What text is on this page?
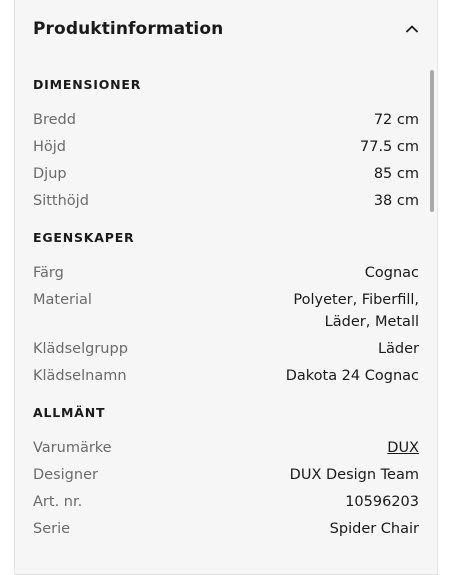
Produktinformation
DIMENSIONER
Bredd	72 cm
Höjd	77.5 cm
Djup	85 cm
Sitthöjd	38 cm
EGENSKAPER
Färg	Cognac
Material	Polyeter, Fiberfill, Läder, Metall
Klädselgrupp	Läder
Klädselnamn	Dakota 24 Cognac
ALLMÄNT
Varumärke	DUX
Designer	DUX Design Team
Art. nr.	10596203
Serie	Spider Chair
